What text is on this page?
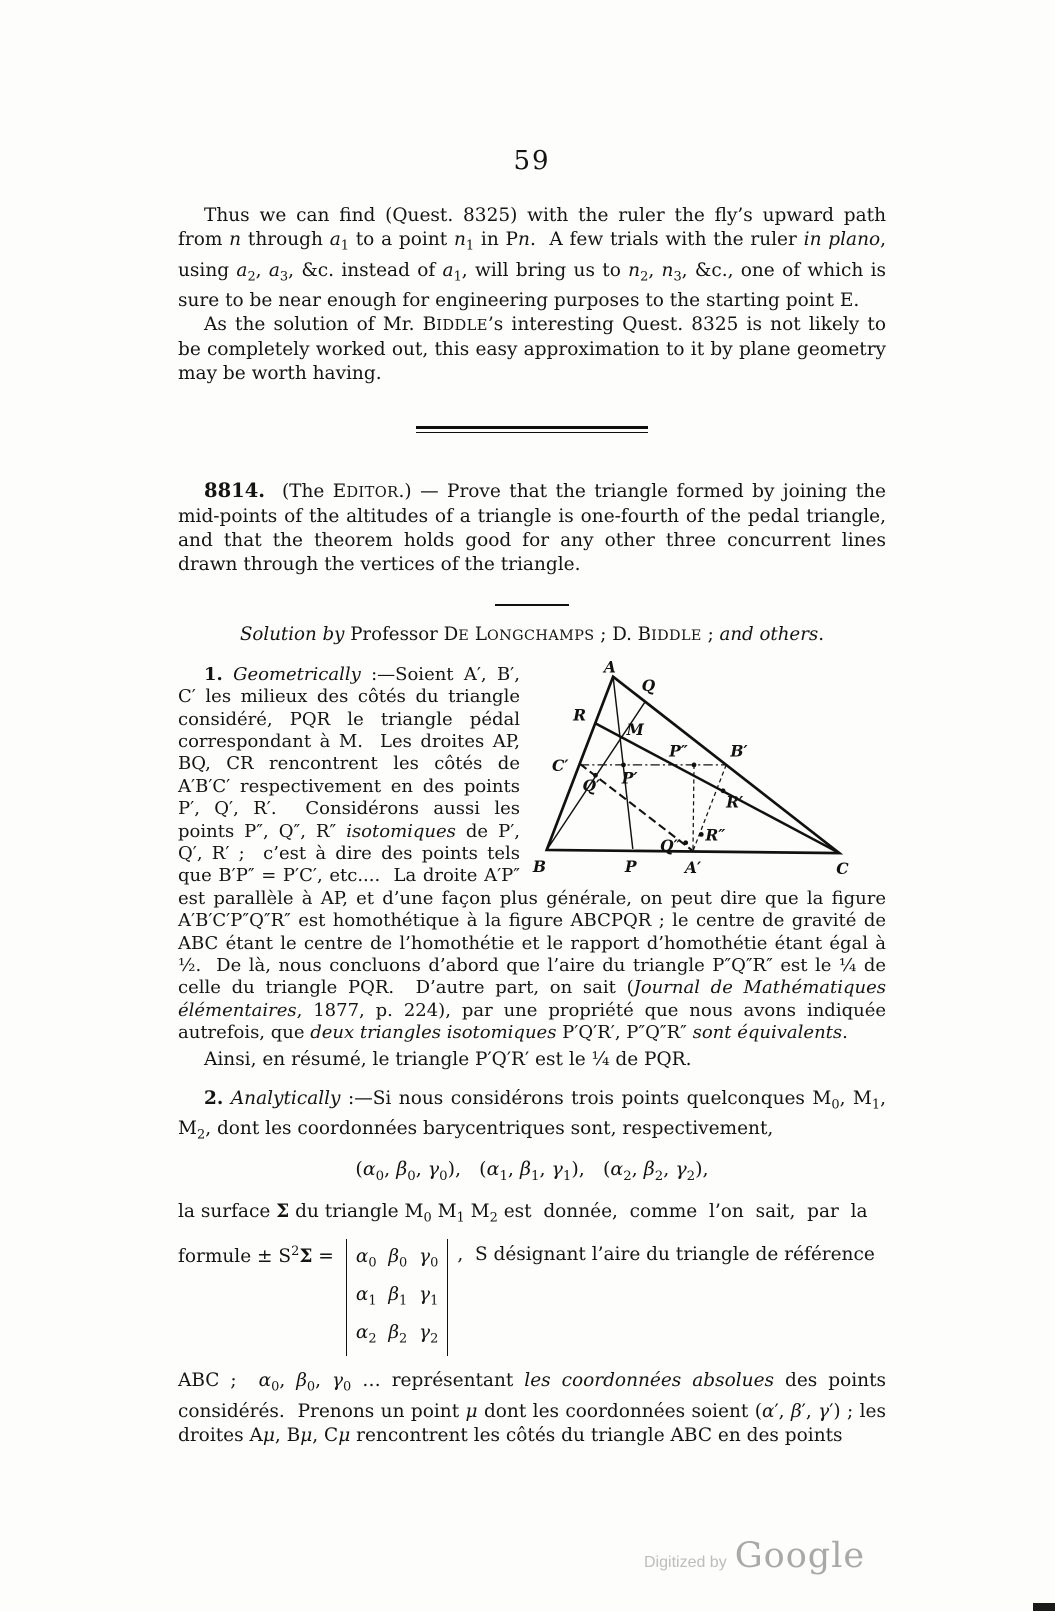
59

Thus we can find (Quest. 8325) with the ruler the fly’s upward path from n through $a_1$ to a point $n_1$ in Pn.  A few trials with the ruler in plano, using $a_2$, $a_3$, &c. instead of $a_1$, will bring us to $n_2$, $n_3$, &c., one of which is sure to be near enough for engineering purposes to the starting point E.

As the solution of Mr. BIDDLE’s interesting Quest. 8325 is not likely to be completely worked out, this easy approximation to it by plane geometry may be worth having.

8814.  (The EDITOR.) — Prove that the triangle formed by joining the mid-points of the altitudes of a triangle is one-fourth of the pedal triangle, and that the theorem holds good for any other three concurrent lines drawn through the vertices of the triangle.

Solution by Professor DE LONGCHAMPS ; D. BIDDLE ; and others.

A
Q
R
M
C′
P″	B′
P′
Q′
R′
Q″
R″
B	P	A′	C

1. Geometrically :—Soient A′, B′, C′ les milieux des côtés du triangle considéré, PQR le triangle pédal correspondant à M.  Les droites AP, BQ, CR rencontrent les côtés de A′B′C′ respectivement en des points P′, Q′, R′.  Considérons aussi les points P″, Q″, R″ isotomiques de P′, Q′, R′ ;  c’est à dire des points tels que B′P″ = P′C′, etc....  La droite A′P″ est parallèle à AP, et d’une façon plus générale, on peut dire que la figure A′B′C′P″Q″R″ est homothétique à la figure ABCPQR ; le centre de gravité de ABC étant le centre de l’homothétie et le rapport d’homothétie étant égal à ½.  De là, nous concluons d’abord que l’aire du triangle P″Q″R″ est le ¼ de celle du triangle PQR.  D’autre part, on sait (Journal de Mathématiques élémentaires, 1877, p. 224), par une propriété que nous avons indiquée autrefois, que deux triangles isotomiques P′Q′R′, P″Q″R″ sont équivalents.

Ainsi, en résumé, le triangle P′Q′R′ est le ¼ de PQR.

2. Analytically :—Si nous considérons trois points quelconques $M_0$, $M_1$, $M_2$, dont les coordonnées barycentriques sont, respectivement,

($\alpha_0$, $\beta_0$, $\gamma_0$),   ($\alpha_1$, $\beta_1$, $\gamma_1$),   ($\alpha_2$, $\beta_2$, $\gamma_2$),

la surface Σ du triangle $M_0$ $M_1$ $M_2$ est  donnée,  comme  l’on  sait,  par  la

formule ± $S^2\Sigma = \alpha_0$ $\beta_0$ $\gamma_0$
$\alpha_1$ $\beta_1$ $\gamma_1$
$\alpha_2$ $\beta_2$ $\gamma_2$
,  S désignant l’aire du triangle de référence

ABC ;  $\alpha_0$, $\beta_0$, $\gamma_0$ … représentant les coordonnées absolues des points considérés.  Prenons un point μ dont les coordonnées soient (α′, β′, γ′) ; les droites Aμ, Bμ, Cμ rencontrent les côtés du triangle ABC en des points

Digitized by Google
